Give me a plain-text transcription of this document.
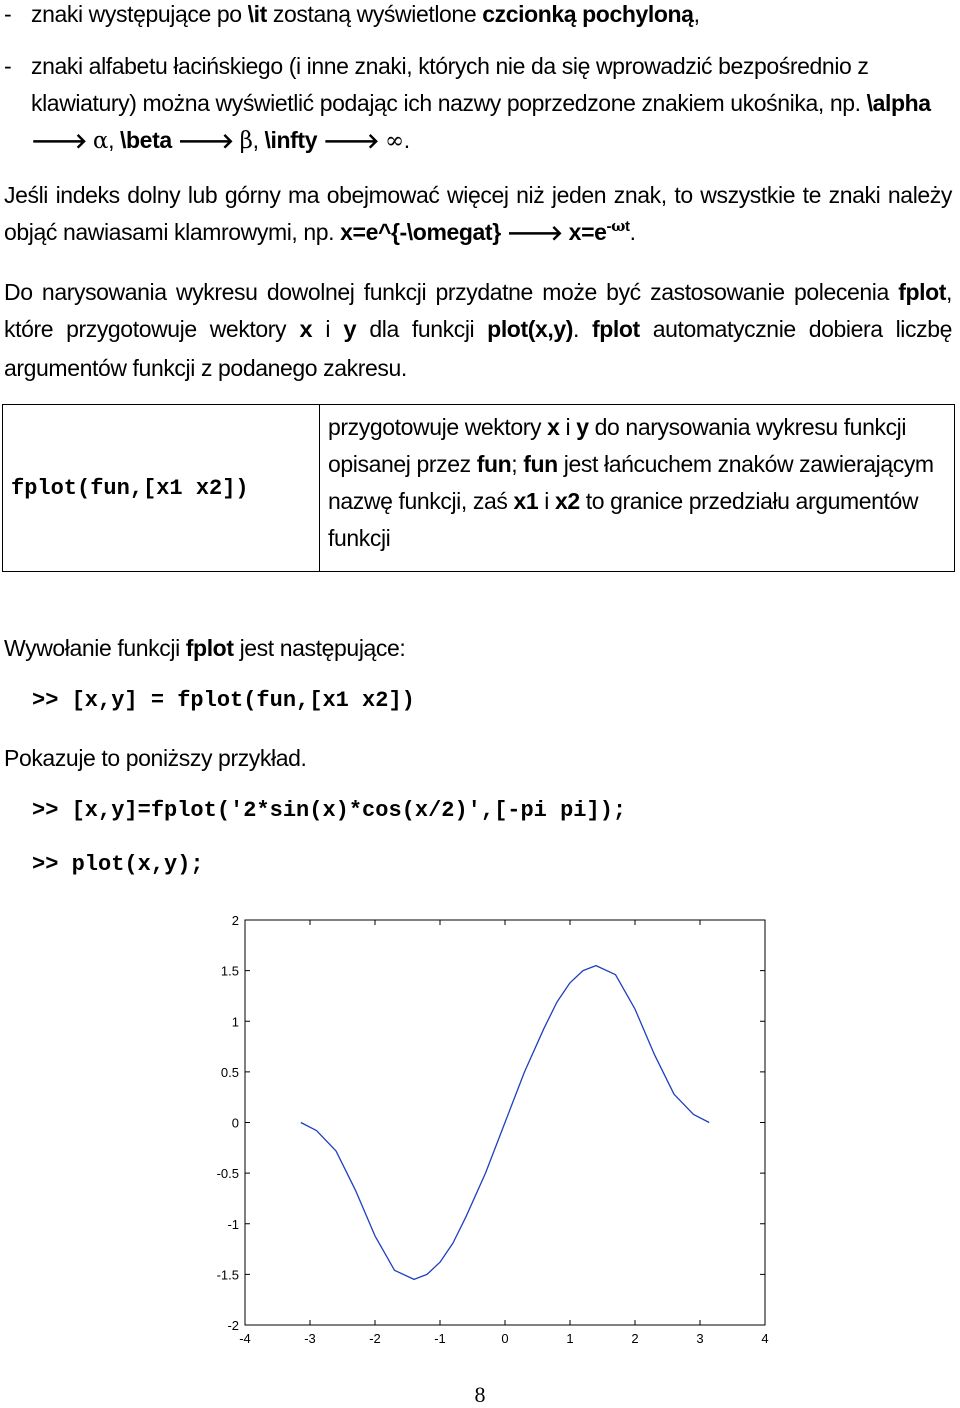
- znaki występujące po \it zostaną wyświetlone czcionką pochyloną,
- znaki alfabetu łacińskiego (i inne znaki, których nie da się wprowadzić bezpośrednio z klawiatury) można wyświetlić podając ich nazwy poprzedzone znakiem ukośnika, np. \alpha 🡒 α, \beta 🡒 β, \infty 🡒 ∞.
Jeśli indeks dolny lub górny ma obejmować więcej niż jeden znak, to wszystkie te znaki należy objąć nawiasami klamrowymi, np. x=e^{-\omegat} 🡒 $x=e^{-\omega t}$.
Do narysowania wykresu dowolnej funkcji przydatne może być zastosowanie polecenia fplot, które przygotowuje wektory x i y dla funkcji plot(x,y). fplot automatycznie dobiera liczbę argumentów funkcji z podanego zakresu.
fplot(fun,[x1 x2])	przygotowuje wektory x i y do narysowania wykresu funkcji opisanej przez fun; fun jest łańcuchem znaków zawierającym nazwę funkcji, zaś x1 i x2 to granice przedziału argumentów funkcji
Wywołanie funkcji fplot jest następujące:
>> [x,y] = fplot(fun,[x1 x2])
Pokazuje to poniższy przykład.
>> [x,y]=fplot('2*sin(x)*cos(x/2)',[-pi pi]);
>> plot(x,y);
-4	-3	-2	-1	0	1	2	3	4
2
1.5
1
0.5
0
-0.5
-1
-1.5
-2
8
